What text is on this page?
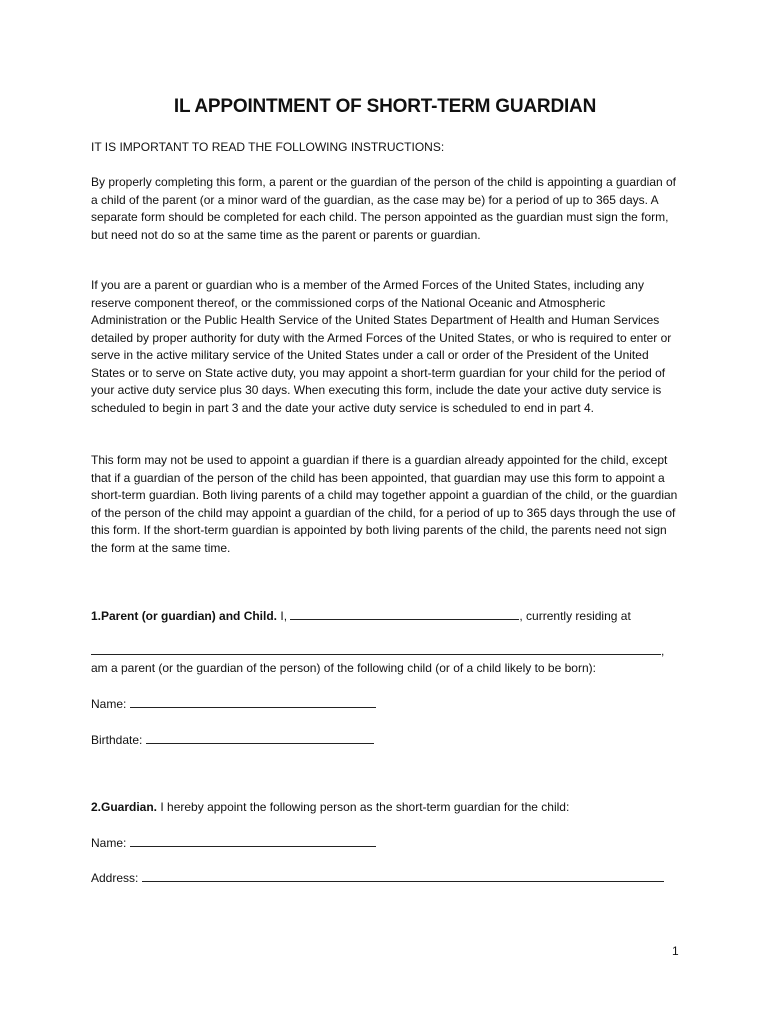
IL APPOINTMENT OF SHORT-TERM GUARDIAN

IT IS IMPORTANT TO READ THE FOLLOWING INSTRUCTIONS:

By properly completing this form, a parent or the guardian of the person of the child is appointing a guardian of a child of the parent (or a minor ward of the guardian, as the case may be) for a period of up to 365 days. A separate form should be completed for each child. The person appointed as the guardian must sign the form, but need not do so at the same time as the parent or parents or guardian.

If you are a parent or guardian who is a member of the Armed Forces of the United States, including any reserve component thereof, or the commissioned corps of the National Oceanic and Atmospheric Administration or the Public Health Service of the United States Department of Health and Human Services detailed by proper authority for duty with the Armed Forces of the United States, or who is required to enter or serve in the active military service of the United States under a call or order of the President of the United States or to serve on State active duty, you may appoint a short-term guardian for your child for the period of your active duty service plus 30 days. When executing this form, include the date your active duty service is scheduled to begin in part 3 and the date your active duty service is scheduled to end in part 4.

This form may not be used to appoint a guardian if there is a guardian already appointed for the child, except that if a guardian of the person of the child has been appointed, that guardian may use this form to appoint a short-term guardian. Both living parents of a child may together appoint a guardian of the child, or the guardian of the person of the child may appoint a guardian of the child, for a period of up to 365 days through the use of this form. If the short-term guardian is appointed by both living parents of the child, the parents need not sign the form at the same time.

1.Parent (or guardian) and Child. I,	, currently residing at

,

am a parent (or the guardian of the person) of the following child (or of a child likely to be born):

Name:

Birthdate:

2.Guardian. I hereby appoint the following person as the short-term guardian for the child:

Name:

Address:

1
